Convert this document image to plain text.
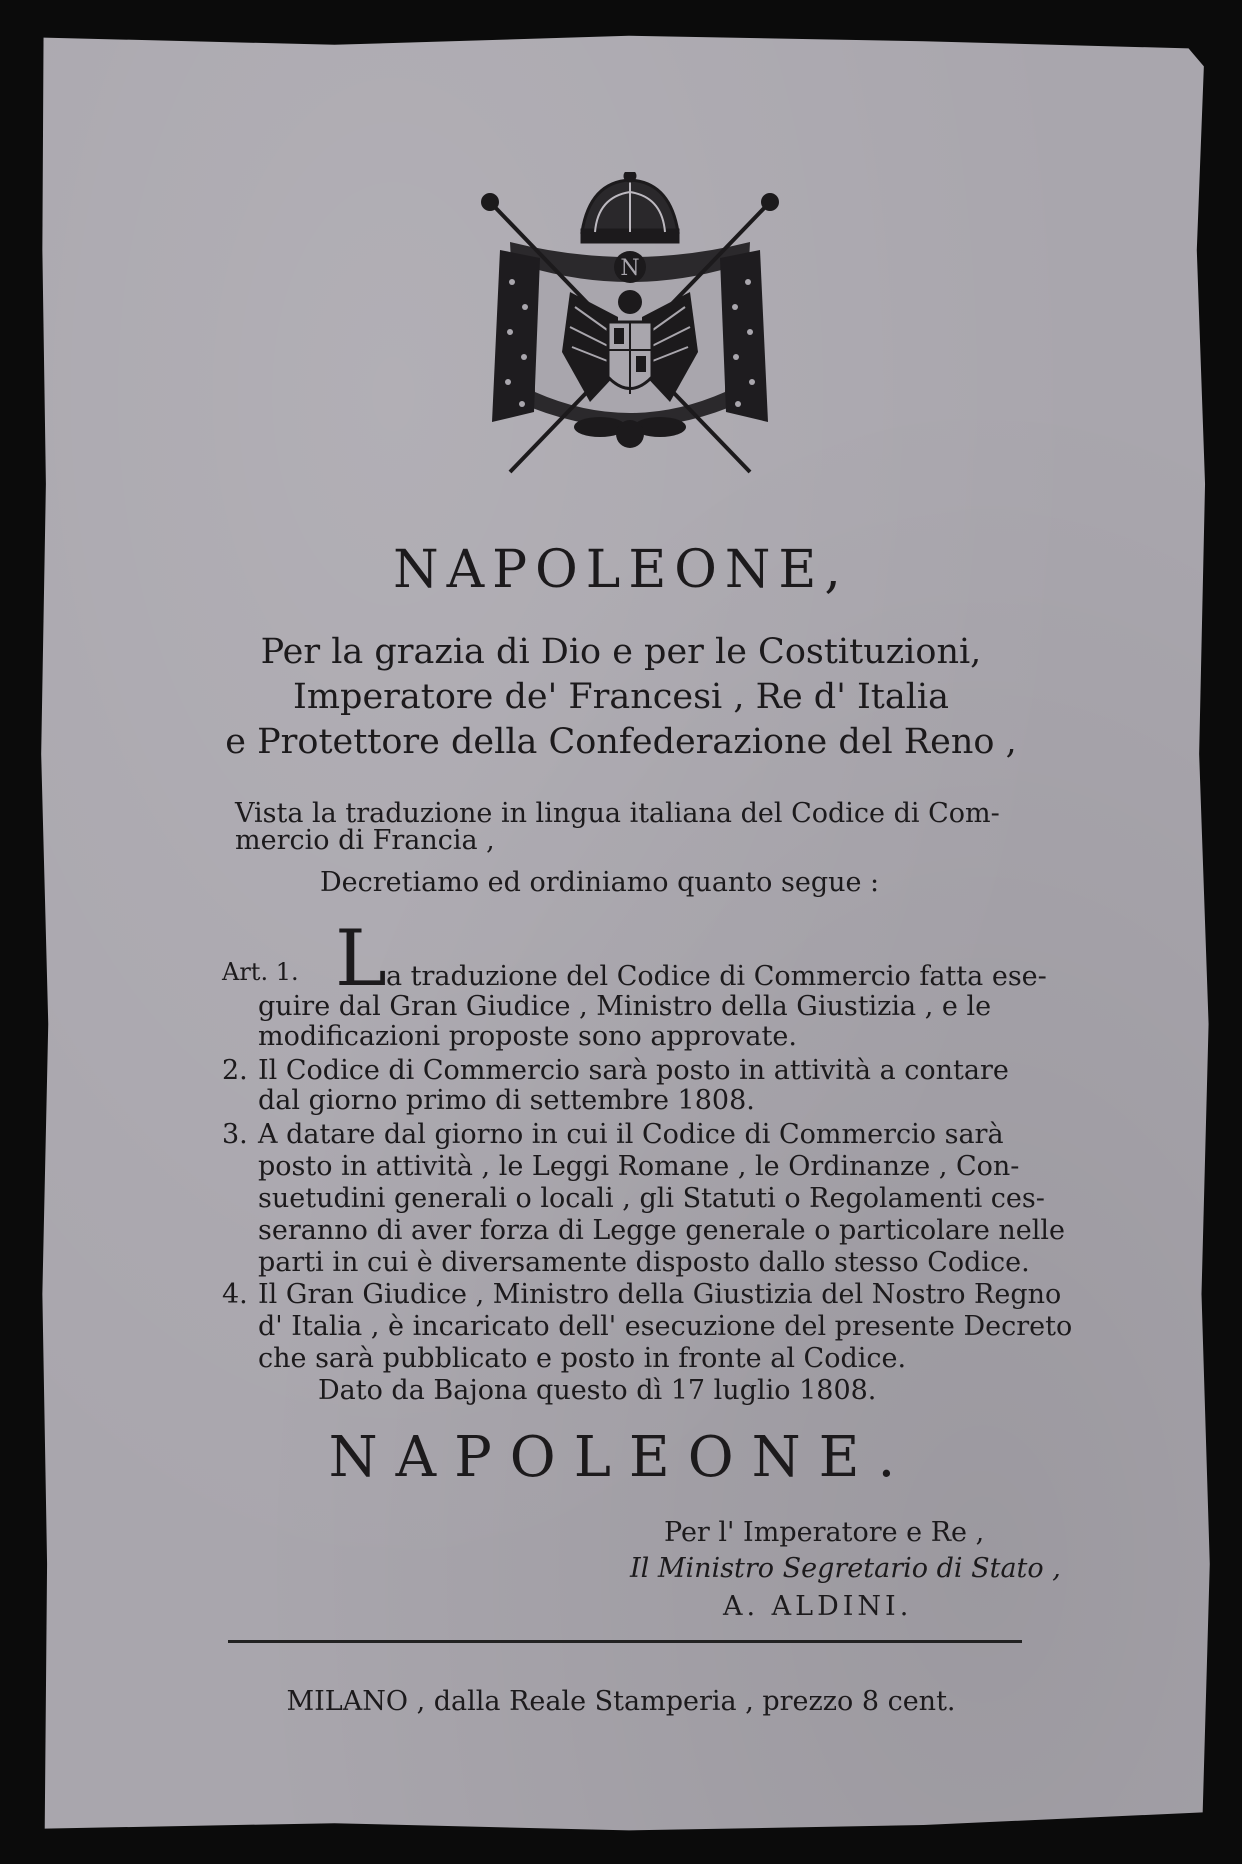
N

NAPOLEONE,

Per la grazia di Dio e per le Costituzioni,

Imperatore de' Francesi , Re d' Italia

e Protettore della Confederazione del Reno ,

Vista la traduzione in lingua italiana del Codice di Com-

mercio di Francia ,

Decretiamo ed ordiniamo quanto segue :

Art. 1. L a traduzione del Codice di Commercio fatta ese-

guire dal Gran Giudice , Ministro della Giustizia , e le

modificazioni proposte sono approvate.

2. Il Codice di Commercio sarà posto in attività a contare

dal giorno primo di settembre 1808.

3. A datare dal giorno in cui il Codice di Commercio sarà

posto in attività , le Leggi Romane , le Ordinanze , Con-

suetudini generali o locali , gli Statuti o Regolamenti ces-

seranno di aver forza di Legge generale o particolare nelle

parti in cui è diversamente disposto dallo stesso Codice.

4. Il Gran Giudice , Ministro della Giustizia del Nostro Regno

d' Italia , è incaricato dell' esecuzione del presente Decreto

che sarà pubblicato e posto in fronte al Codice.

Dato da Bajona questo dì 17 luglio 1808.

NAPOLEONE.

Per l' Imperatore e Re ,

Il Ministro Segretario di Stato ,

A. ALDINI.

MILANO , dalla Reale Stamperia , prezzo 8 cent.
